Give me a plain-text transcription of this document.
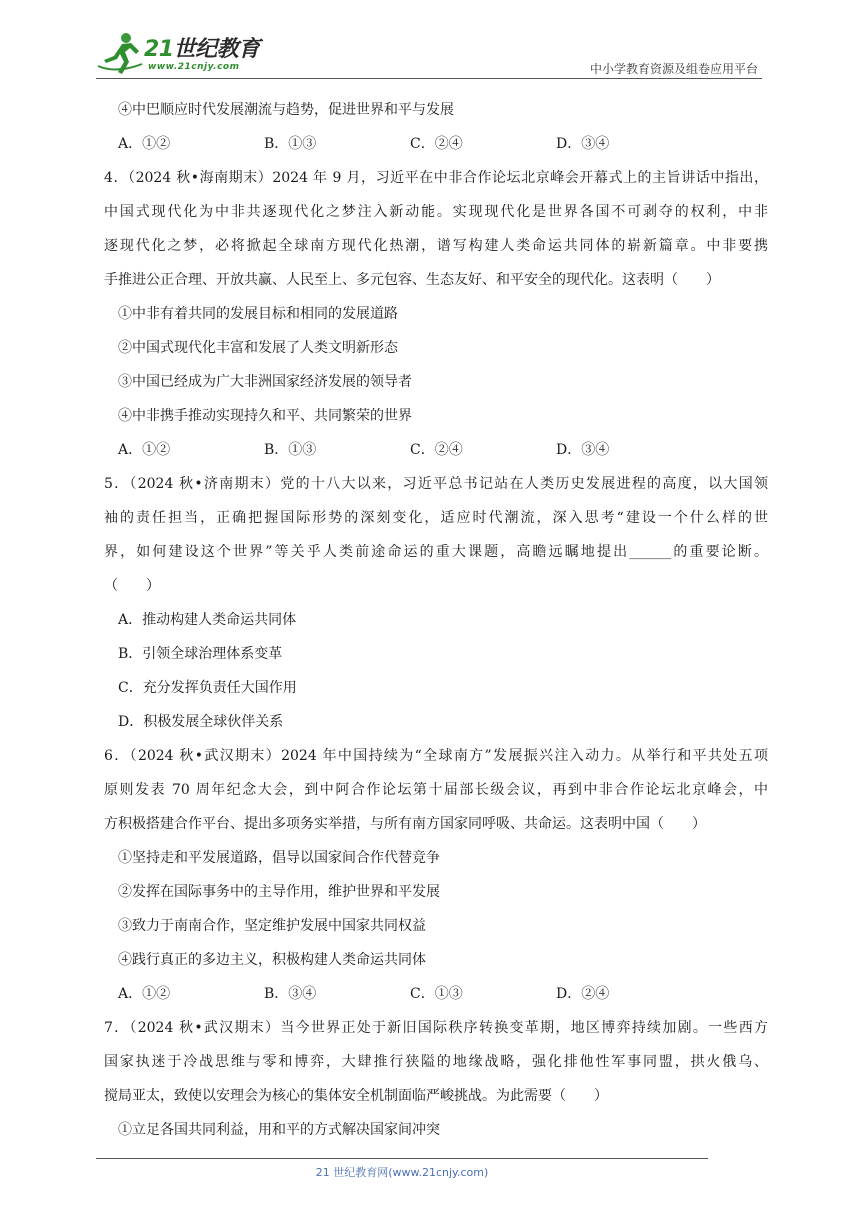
21世纪教育
www.21cnjy.com	中小学教育资源及组卷应用平台
④中巴顺应时代发展潮流与趋势，促进世界和平与发展
A．①②	B．①③	C．②④	D．③④
4．（2024 秋•海南期末）2024 年 9 月，习近平在中非合作论坛北京峰会开幕式上的主旨讲话中指出，
中国式现代化为中非共逐现代化之梦注入新动能。实现现代化是世界各国不可剥夺的权利，中非
逐现代化之梦，必将掀起全球南方现代化热潮，谱写构建人类命运共同体的崭新篇章。中非要携
手推进公正合理、开放共赢、人民至上、多元包容、生态友好、和平安全的现代化。这表明（　　）
①中非有着共同的发展目标和相同的发展道路
②中国式现代化丰富和发展了人类文明新形态
③中国已经成为广大非洲国家经济发展的领导者
④中非携手推动实现持久和平、共同繁荣的世界
A．①②	B．①③	C．②④	D．③④
5．（2024 秋•济南期末）党的十八大以来，习近平总书记站在人类历史发展进程的高度，以大国领
袖的责任担当，正确把握国际形势的深刻变化，适应时代潮流，深入思考“建设一个什么样的世
界，如何建设这个世界”等关乎人类前途命运的重大课题，高瞻远瞩地提出______的重要论断。
（　　）
A．推动构建人类命运共同体
B．引领全球治理体系变革
C．充分发挥负责任大国作用
D．积极发展全球伙伴关系
6．（2024 秋•武汉期末）2024 年中国持续为“全球南方”发展振兴注入动力。从举行和平共处五项
原则发表 70 周年纪念大会，到中阿合作论坛第十届部长级会议，再到中非合作论坛北京峰会，中
方积极搭建合作平台、提出多项务实举措，与所有南方国家同呼吸、共命运。这表明中国（　　）
①坚持走和平发展道路，倡导以国家间合作代替竞争
②发挥在国际事务中的主导作用，维护世界和平发展
③致力于南南合作，坚定维护发展中国家共同权益
④践行真正的多边主义，积极构建人类命运共同体
A．①②	B．③④	C．①③	D．②④
7．（2024 秋•武汉期末）当今世界正处于新旧国际秩序转换变革期，地区博弈持续加剧。一些西方
国家执迷于冷战思维与零和博弈，大肆推行狭隘的地缘战略，强化排他性军事同盟，拱火俄乌、
搅局亚太，致使以安理会为核心的集体安全机制面临严峻挑战。为此需要（　　）
①立足各国共同利益，用和平的方式解决国家间冲突
21 世纪教育网(www.21cnjy.com)
